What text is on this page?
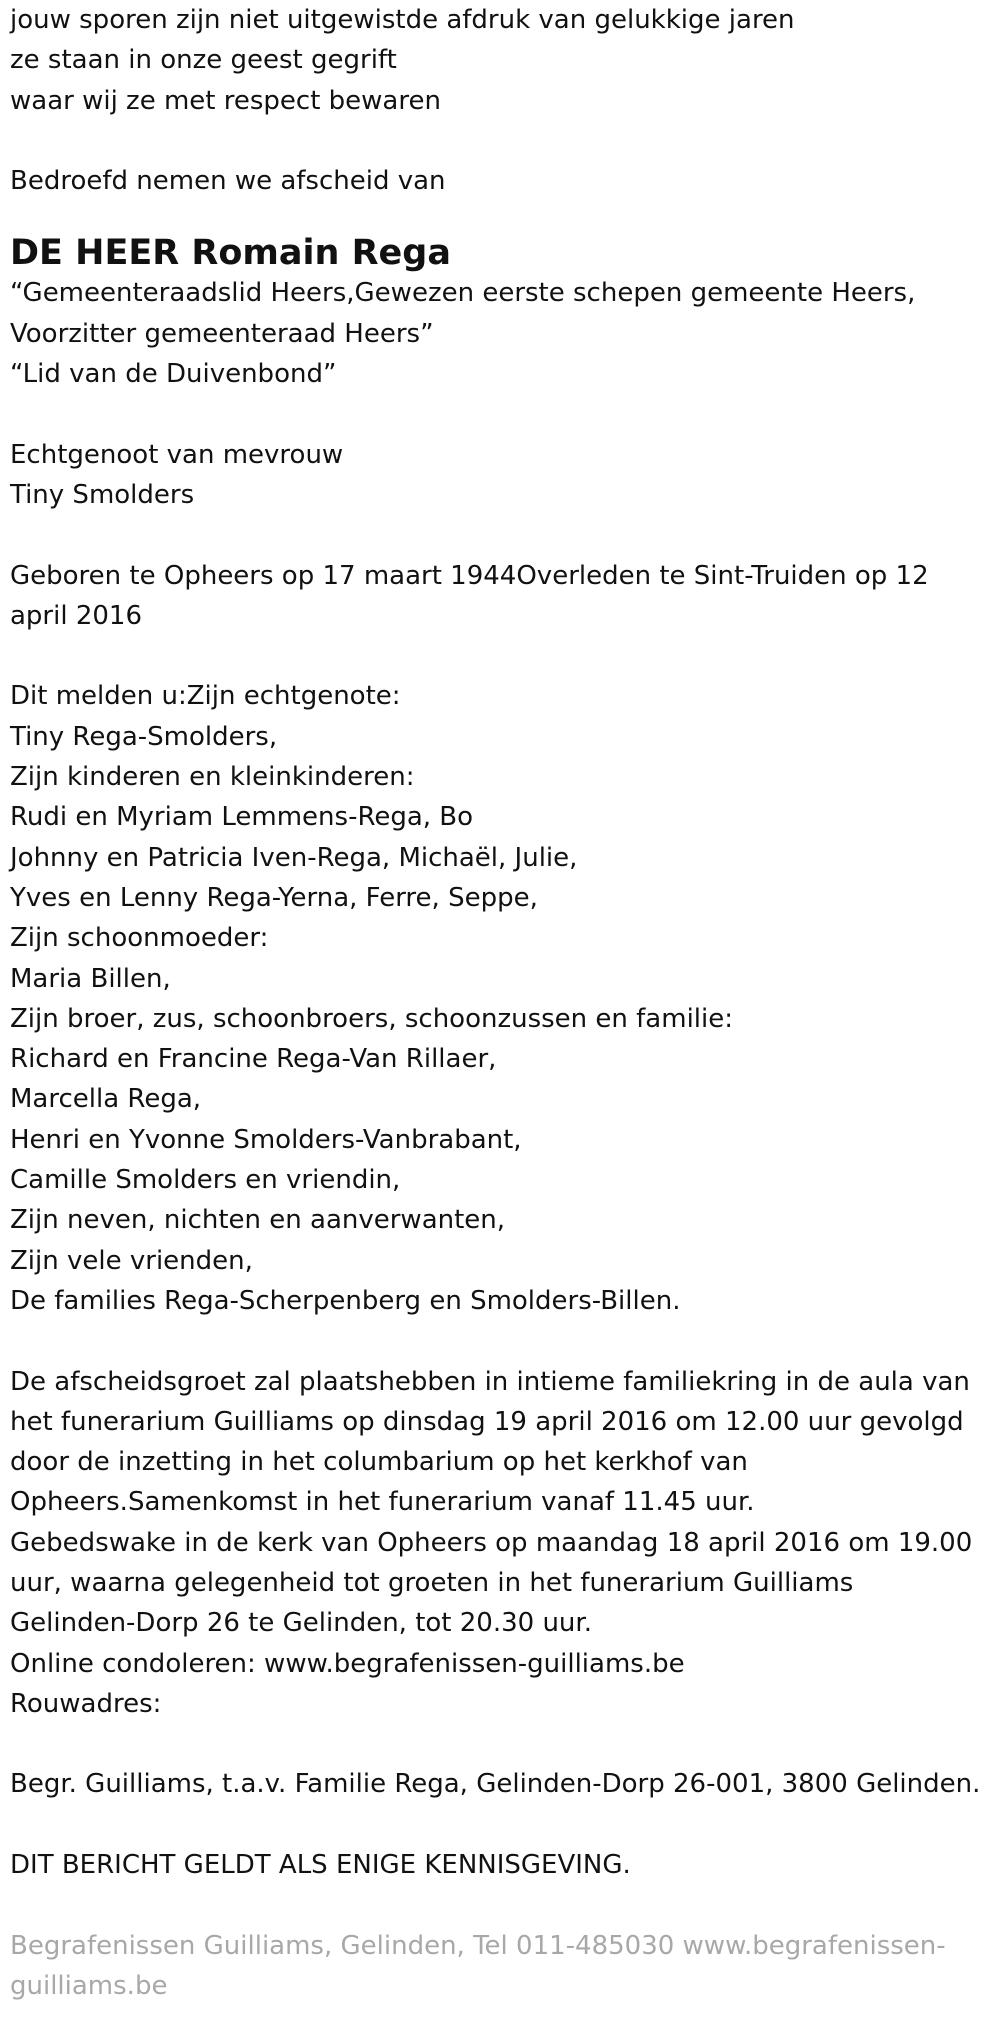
jouw sporen zijn niet uitgewistde afdruk van gelukkige jaren
ze staan in onze geest gegrift
waar wij ze met respect bewaren
Bedroefd nemen we afscheid van
DE HEER Romain Rega
“Gemeenteraadslid Heers,Gewezen eerste schepen gemeente Heers,
Voorzitter gemeenteraad Heers”
“Lid van de Duivenbond”
Echtgenoot van mevrouw
Tiny Smolders
Geboren te Opheers op 17 maart 1944Overleden te Sint-Truiden op 12
april 2016
Dit melden u:Zijn echtgenote:
Tiny Rega-Smolders,
Zijn kinderen en kleinkinderen:
Rudi en Myriam Lemmens-Rega, Bo
Johnny en Patricia Iven-Rega, Michaël, Julie,
Yves en Lenny Rega-Yerna, Ferre, Seppe,
Zijn schoonmoeder:
Maria Billen,
Zijn broer, zus, schoonbroers, schoonzussen en familie:
Richard en Francine Rega-Van Rillaer,
Marcella Rega,
Henri en Yvonne Smolders-Vanbrabant,
Camille Smolders en vriendin,
Zijn neven, nichten en aanverwanten,
Zijn vele vrienden,
De families Rega-Scherpenberg en Smolders-Billen.
De afscheidsgroet zal plaatshebben in intieme familiekring in de aula van
het funerarium Guilliams op dinsdag 19 april 2016 om 12.00 uur gevolgd
door de inzetting in het columbarium op het kerkhof van
Opheers.Samenkomst in het funerarium vanaf 11.45 uur.
Gebedswake in de kerk van Opheers op maandag 18 april 2016 om 19.00
uur, waarna gelegenheid tot groeten in het funerarium Guilliams
Gelinden-Dorp 26 te Gelinden, tot 20.30 uur.
Online condoleren: www.begrafenissen-guilliams.be
Rouwadres:
Begr. Guilliams, t.a.v. Familie Rega, Gelinden-Dorp 26-001, 3800 Gelinden.
DIT BERICHT GELDT ALS ENIGE KENNISGEVING.
Begrafenissen Guilliams, Gelinden, Tel 011-485030 www.begrafenissen-
guilliams.be
